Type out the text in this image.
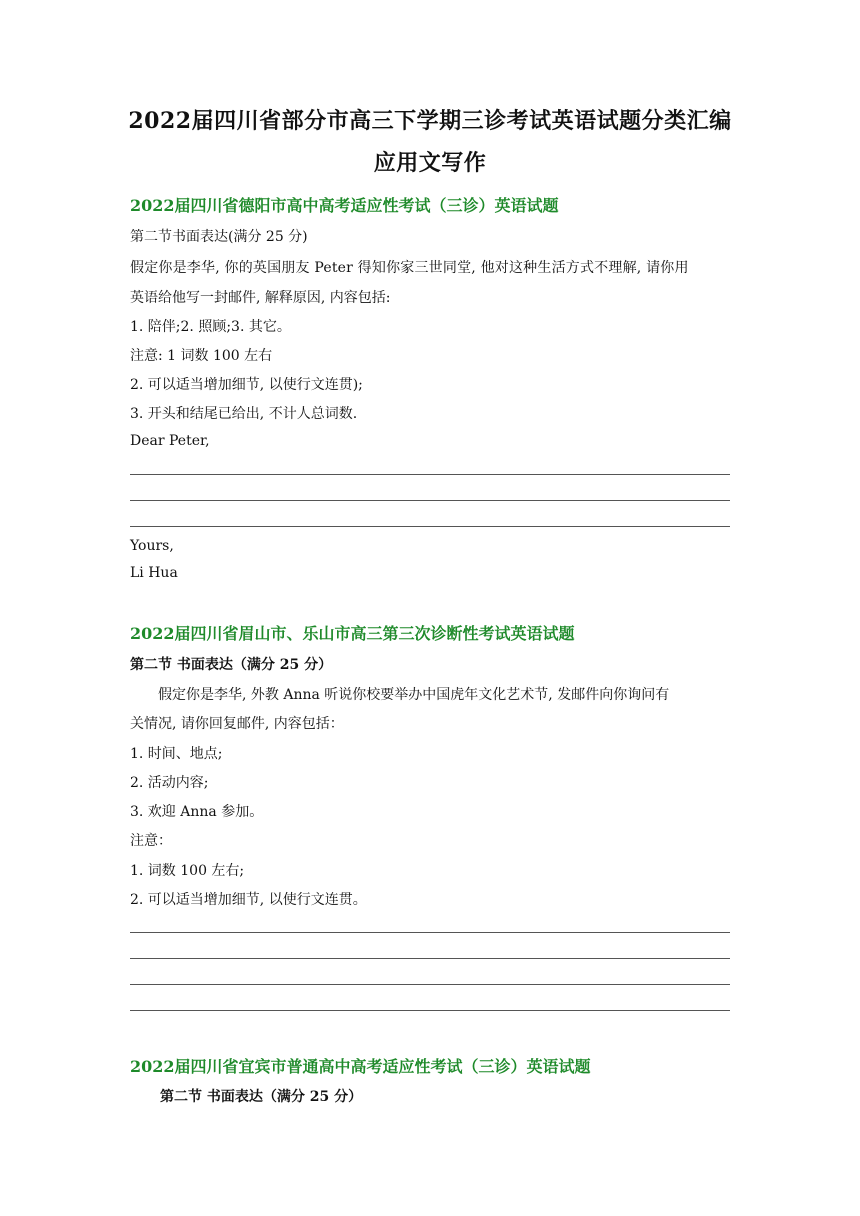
2022届四川省部分市高三下学期三诊考试英语试题分类汇编
应用文写作
2022届四川省德阳市高中高考适应性考试（三诊）英语试题
第二节书面表达(满分 25 分)
假定你是李华, 你的英国朋友 Peter 得知你家三世同堂, 他对这种生活方式不理解, 请你用
英语给他写一封邮件, 解释原因, 内容包括:
1. 陪伴;2. 照顾;3. 其它。
注意: 1 词数 100 左右
2. 可以适当增加细节, 以使行文连贯);
3. 开头和结尾已给出, 不计人总词数.
Dear Peter,
Yours,
Li Hua
2022届四川省眉山市、乐山市高三第三次诊断性考试英语试题
第二节 书面表达（满分 25 分）
假定你是李华, 外教 Anna 听说你校要举办中国虎年文化艺术节, 发邮件向你询问有
关情况, 请你回复邮件, 内容包括：
1. 时间、地点;
2. 活动内容;
3. 欢迎 Anna 参加。
注意：
1. 词数 100 左右;
2. 可以适当增加细节, 以使行文连贯。
2022届四川省宜宾市普通高中高考适应性考试（三诊）英语试题
第二节 书面表达（满分 25 分）
